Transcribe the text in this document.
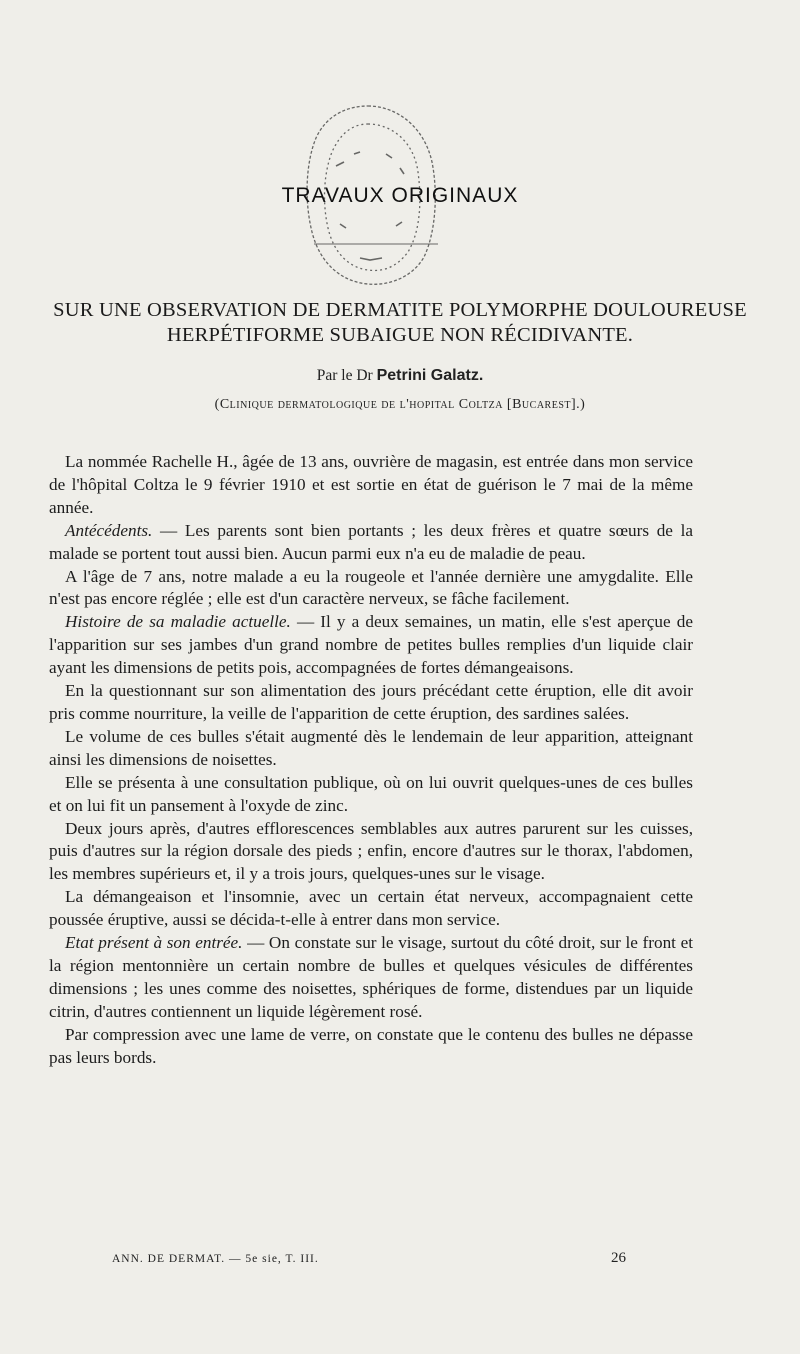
TRAVAUX ORIGINAUX
SUR UNE OBSERVATION DE DERMATITE POLYMORPHE DOULOUREUSE HERPÉTIFORME SUBAIGUE NON RÉCIDIVANTE.
Par le Dr Petrini Galatz.
(Clinique dermatologique de l'hopital Coltza [Bucarest].)

La nommée Rachelle H., âgée de 13 ans, ouvrière de magasin, est entrée dans mon service de l'hôpital Coltza le 9 février 1910 et est sortie en état de guérison le 7 mai de la même année.

Antécédents. — Les parents sont bien portants ; les deux frères et quatre sœurs de la malade se portent tout aussi bien. Aucun parmi eux n'a eu de maladie de peau.

A l'âge de 7 ans, notre malade a eu la rougeole et l'année dernière une amygdalite. Elle n'est pas encore réglée ; elle est d'un caractère nerveux, se fâche facilement.

Histoire de sa maladie actuelle. — Il y a deux semaines, un matin, elle s'est aperçue de l'apparition sur ses jambes d'un grand nombre de petites bulles remplies d'un liquide clair ayant les dimensions de petits pois, accompagnées de fortes démangeaisons.

En la questionnant sur son alimentation des jours précédant cette éruption, elle dit avoir pris comme nourriture, la veille de l'apparition de cette éruption, des sardines salées.

Le volume de ces bulles s'était augmenté dès le lendemain de leur apparition, atteignant ainsi les dimensions de noisettes.

Elle se présenta à une consultation publique, où on lui ouvrit quelques-unes de ces bulles et on lui fit un pansement à l'oxyde de zinc.

Deux jours après, d'autres efflorescences semblables aux autres parurent sur les cuisses, puis d'autres sur la région dorsale des pieds ; enfin, encore d'autres sur le thorax, l'abdomen, les membres supérieurs et, il y a trois jours, quelques-unes sur le visage.

La démangeaison et l'insomnie, avec un certain état nerveux, accompagnaient cette poussée éruptive, aussi se décida-t-elle à entrer dans mon service.

Etat présent à son entrée. — On constate sur le visage, surtout du côté droit, sur le front et la région mentonnière un certain nombre de bulles et quelques vésicules de différentes dimensions ; les unes comme des noisettes, sphériques de forme, distendues par un liquide citrin, d'autres contiennent un liquide légèrement rosé.

Par compression avec une lame de verre, on constate que le contenu des bulles ne dépasse pas leurs bords.

ANN. DE DERMAT. — 5e sie, T. III.	26
